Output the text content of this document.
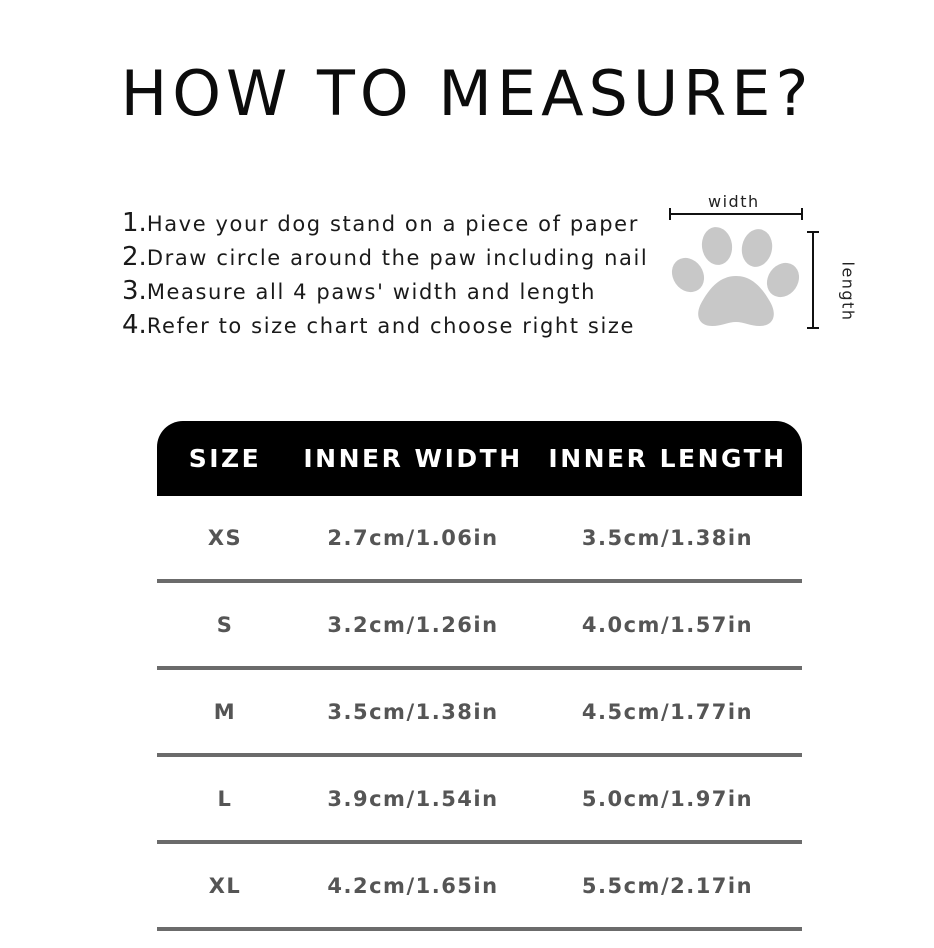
HOW TO MEASURE?
1.Have your dog stand on a piece of paper
2.Draw circle around the paw including nail
3.Measure all 4 paws' width and length
4.Refer to size chart and choose right size
width
length
SIZE	INNER WIDTH	INNER LENGTH
XS	2.7cm/1.06in	3.5cm/1.38in
S	3.2cm/1.26in	4.0cm/1.57in
M	3.5cm/1.38in	4.5cm/1.77in
L	3.9cm/1.54in	5.0cm/1.97in
XL	4.2cm/1.65in	5.5cm/2.17in
